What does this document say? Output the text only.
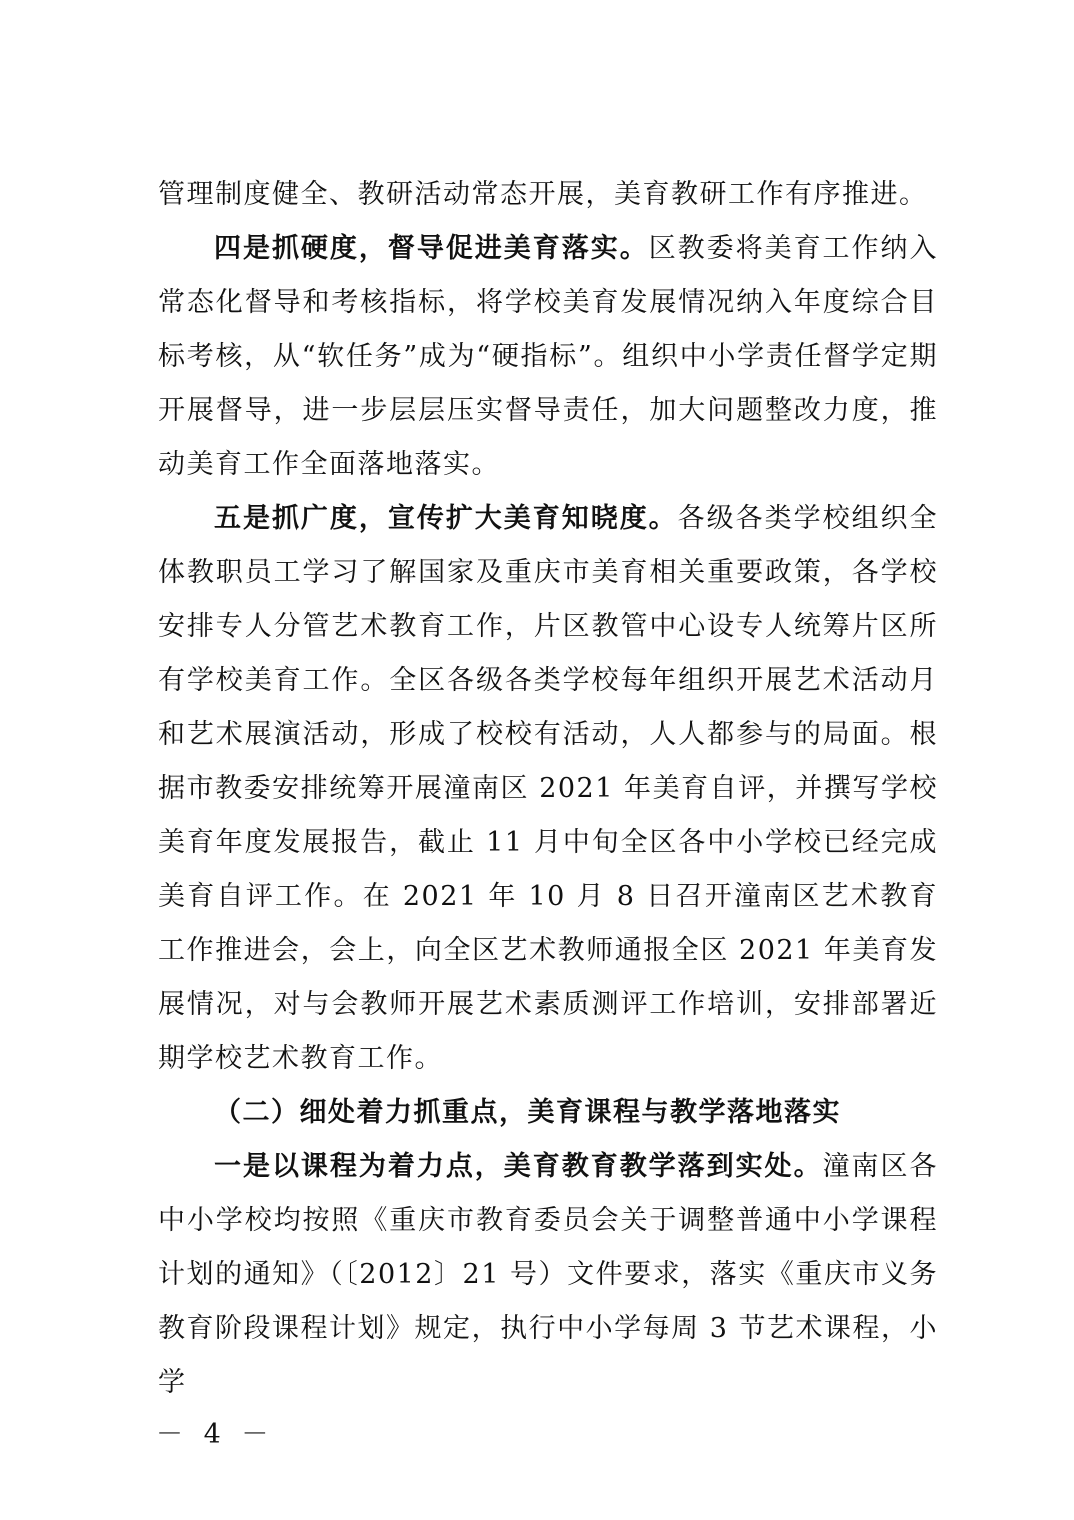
管理制度健全、教研活动常态开展，美育教研工作有序推进。

四是抓硬度，督导促进美育落实。区教委将美育工作纳入常态化督导和考核指标，将学校美育发展情况纳入年度综合目标考核，从“软任务”成为“硬指标”。组织中小学责任督学定期开展督导，进一步层层压实督导责任，加大问题整改力度，推动美育工作全面落地落实。

五是抓广度，宣传扩大美育知晓度。各级各类学校组织全体教职员工学习了解国家及重庆市美育相关重要政策，各学校安排专人分管艺术教育工作，片区教管中心设专人统筹片区所有学校美育工作。全区各级各类学校每年组织开展艺术活动月和艺术展演活动，形成了校校有活动，人人都参与的局面。根据市教委安排统筹开展潼南区 2021 年美育自评，并撰写学校美育年度发展报告，截止 11 月中旬全区各中小学校已经完成美育自评工作。在 2021 年 10 月 8 日召开潼南区艺术教育工作推进会，会上，向全区艺术教师通报全区 2021 年美育发展情况，对与会教师开展艺术素质测评工作培训，安排部署近期学校艺术教育工作。

（二）细处着力抓重点，美育课程与教学落地落实

一是以课程为着力点，美育教育教学落到实处。潼南区各中小学校均按照《重庆市教育委员会关于调整普通中小学课程计划的通知》（〔2012〕21 号）文件要求，落实《重庆市义务教育阶段课程计划》规定，执行中小学每周 3 节艺术课程，小学

－ 4 －
